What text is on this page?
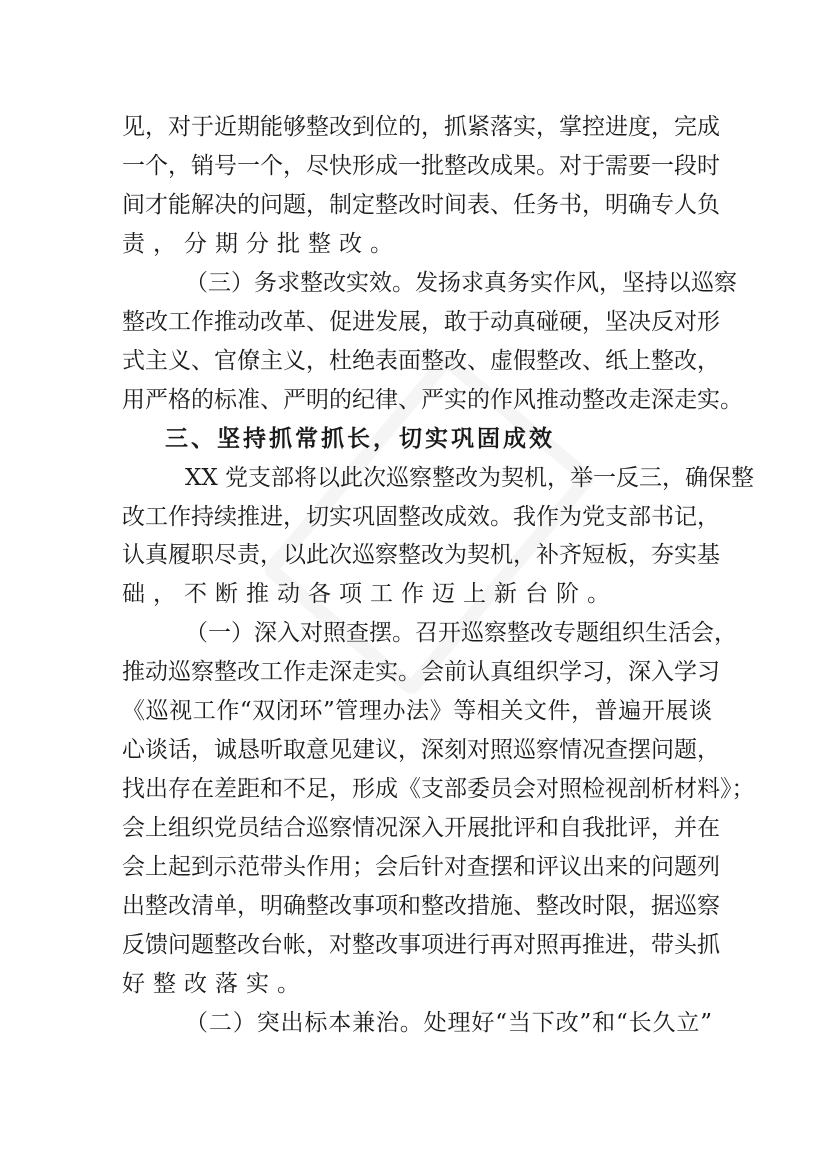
见，对于近期能够整改到位的，抓紧落实，掌控进度，完成
一个，销号一个，尽快形成一批整改成果。对于需要一段时
间才能解决的问题，制定整改时间表、任务书，明确专人负
责，分期分批整改。
（三）务求整改实效。发扬求真务实作风，坚持以巡察
整改工作推动改革、促进发展，敢于动真碰硬，坚决反对形
式主义、官僚主义，杜绝表面整改、虚假整改、纸上整改，
用严格的标准、严明的纪律、严实的作风推动整改走深走实。
三、坚持抓常抓长，切实巩固成效
XX 党支部将以此次巡察整改为契机，举一反三，确保整
改工作持续推进，切实巩固整改成效。我作为党支部书记，
认真履职尽责，以此次巡察整改为契机，补齐短板，夯实基
础，不断推动各项工作迈上新台阶。
（一）深入对照查摆。召开巡察整改专题组织生活会，
推动巡察整改工作走深走实。会前认真组织学习，深入学习
《巡视工作“双闭环”管理办法》等相关文件，普遍开展谈
心谈话，诚恳听取意见建议，深刻对照巡察情况查摆问题，
找出存在差距和不足，形成《支部委员会对照检视剖析材料》；
会上组织党员结合巡察情况深入开展批评和自我批评，并在
会上起到示范带头作用；会后针对查摆和评议出来的问题列
出整改清单，明确整改事项和整改措施、整改时限，据巡察
反馈问题整改台帐，对整改事项进行再对照再推进，带头抓
好整改落实。
（二）突出标本兼治。处理好“当下改”和“长久立”
